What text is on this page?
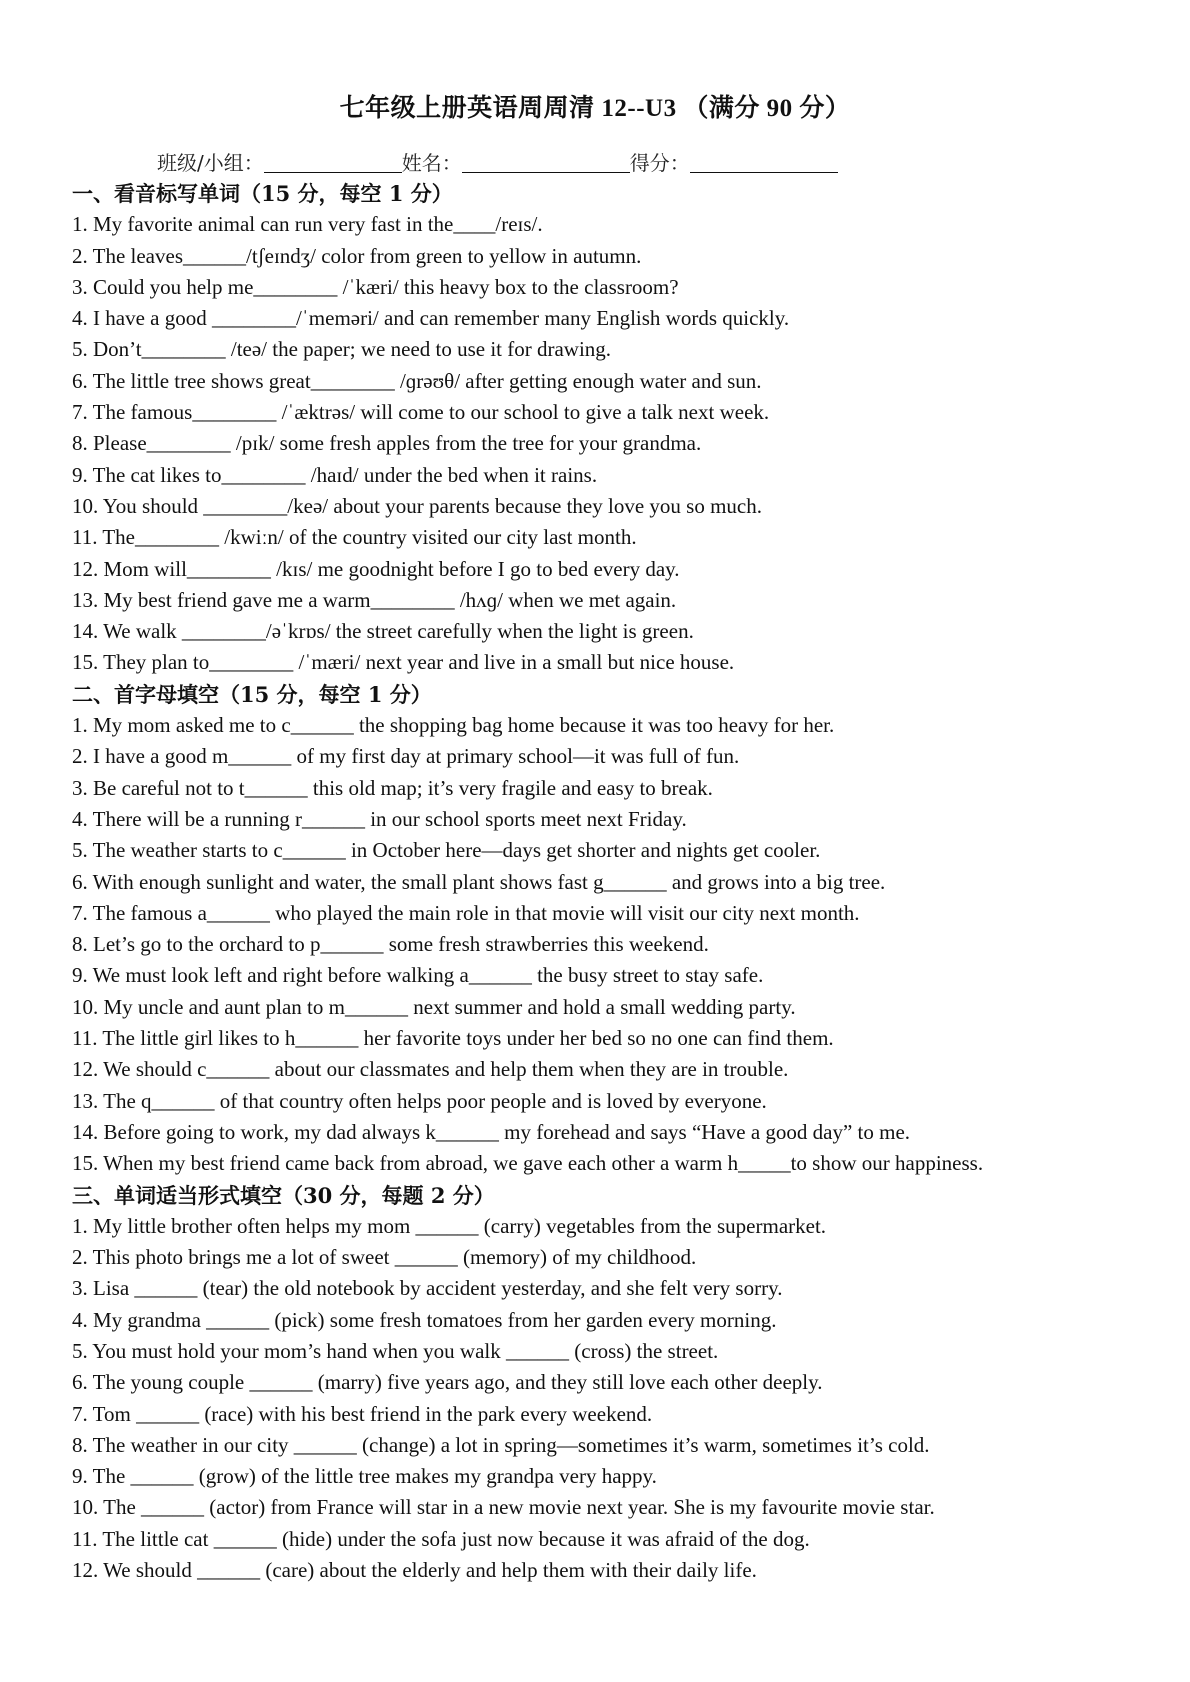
七年级上册英语周周清 12--U3 （满分 90 分）
班级/小组：	姓名：	得分：
一、看音标写单词（15 分，每空 1 分）
1. My favorite animal can run very fast in the____/reɪs/.
2. The leaves______/tʃeɪndʒ/ color from green to yellow in autumn.
3. Could you help me________ /ˈkæri/ this heavy box to the classroom?
4. I have a good ________/ˈmeməri/ and can remember many English words quickly.
5. Don’t________ /teə/ the paper; we need to use it for drawing.
6. The little tree shows great________ /ɡrəʊθ/ after getting enough water and sun.
7. The famous________ /ˈæktrəs/ will come to our school to give a talk next week.
8. Please________ /pɪk/ some fresh apples from the tree for your grandma.
9. The cat likes to________ /haɪd/ under the bed when it rains.
10. You should ________/keə/ about your parents because they love you so much.
11. The________ /kwiːn/ of the country visited our city last month.
12. Mom will________ /kɪs/ me goodnight before I go to bed every day.
13. My best friend gave me a warm________ /hʌɡ/ when we met again.
14. We walk ________/əˈkrɒs/ the street carefully when the light is green.
15. They plan to________ /ˈmæri/ next year and live in a small but nice house.
二、首字母填空（15 分，每空 1 分）
1. My mom asked me to c______ the shopping bag home because it was too heavy for her.
2. I have a good m______ of my first day at primary school—it was full of fun.
3. Be careful not to t______ this old map; it’s very fragile and easy to break.
4. There will be a running r______ in our school sports meet next Friday.
5. The weather starts to c______ in October here—days get shorter and nights get cooler.
6. With enough sunlight and water, the small plant shows fast g______ and grows into a big tree.
7. The famous a______ who played the main role in that movie will visit our city next month.
8. Let’s go to the orchard to p______ some fresh strawberries this weekend.
9. We must look left and right before walking a______ the busy street to stay safe.
10. My uncle and aunt plan to m______ next summer and hold a small wedding party.
11. The little girl likes to h______ her favorite toys under her bed so no one can find them.
12. We should c______ about our classmates and help them when they are in trouble.
13. The q______ of that country often helps poor people and is loved by everyone.
14. Before going to work, my dad always k______ my forehead and says “Have a good day” to me.
15. When my best friend came back from abroad, we gave each other a warm h_____to show our happiness.
三、单词适当形式填空（30 分，每题 2 分）
1. My little brother often helps my mom ______ (carry) vegetables from the supermarket.
2. This photo brings me a lot of sweet ______ (memory) of my childhood.
3. Lisa ______ (tear) the old notebook by accident yesterday, and she felt very sorry.
4. My grandma ______ (pick) some fresh tomatoes from her garden every morning.
5. You must hold your mom’s hand when you walk ______ (cross) the street.
6. The young couple ______ (marry) five years ago, and they still love each other deeply.
7. Tom ______ (race) with his best friend in the park every weekend.
8. The weather in our city ______ (change) a lot in spring—sometimes it’s warm, sometimes it’s cold.
9. The ______ (grow) of the little tree makes my grandpa very happy.
10. The ______ (actor) from France will star in a new movie next year. She is my favourite movie star.
11. The little cat ______ (hide) under the sofa just now because it was afraid of the dog.
12. We should ______ (care) about the elderly and help them with their daily life.
